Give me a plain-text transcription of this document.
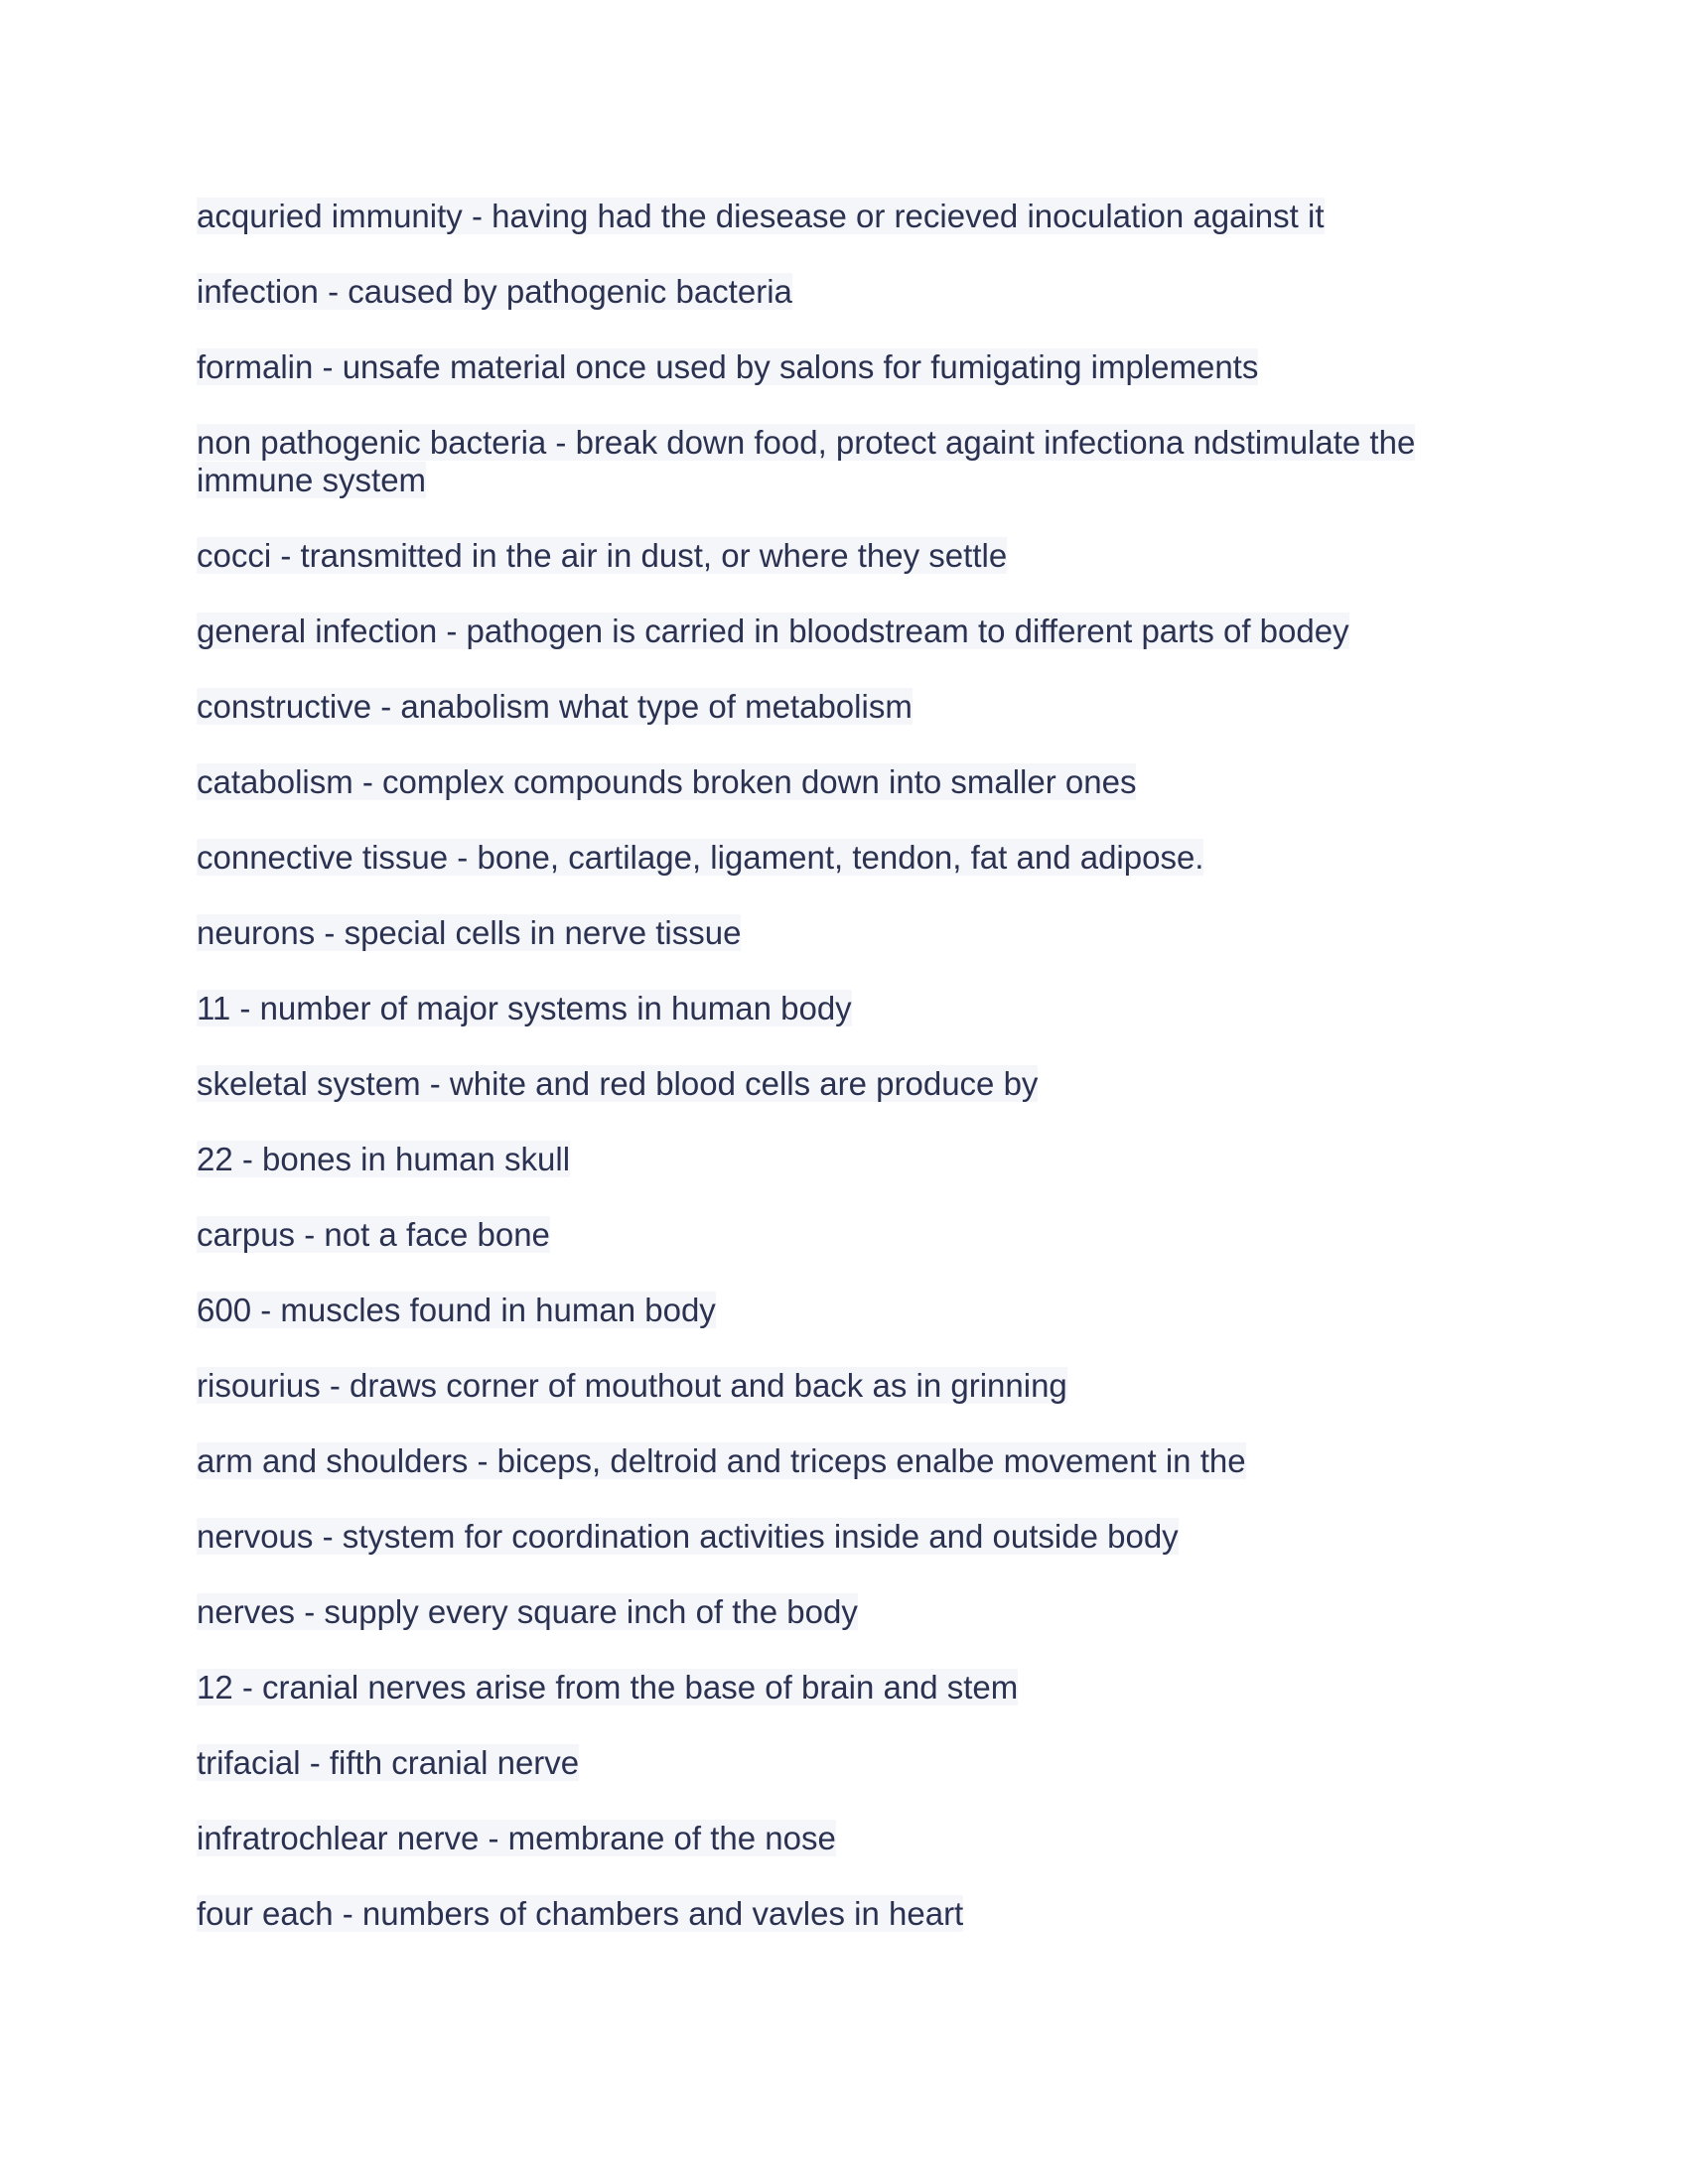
acquried immunity - having had the diesease or recieved inoculation against it

infection - caused by pathogenic bacteria

formalin - unsafe material once used by salons for fumigating implements

non pathogenic bacteria - break down food, protect againt infectiona ndstimulate the immune system

cocci - transmitted in the air in dust, or where they settle

general infection - pathogen is carried in bloodstream to different parts of bodey

constructive - anabolism what type of metabolism

catabolism - complex compounds broken down into smaller ones

connective tissue - bone, cartilage, ligament, tendon, fat and adipose.

neurons - special cells in nerve tissue

11 - number of major systems in human body

skeletal system - white and red blood cells are produce by

22 - bones in human skull

carpus - not a face bone

600 - muscles found in human body

risourius - draws corner of mouthout and back as in grinning

arm and shoulders - biceps, deltroid and triceps enalbe movement in the

nervous - stystem for coordination activities inside and outside body

nerves - supply every square inch of the body

12 - cranial nerves arise from the base of brain and stem

trifacial - fifth cranial nerve

infratrochlear nerve - membrane of the nose

four each - numbers of chambers and vavles in heart
